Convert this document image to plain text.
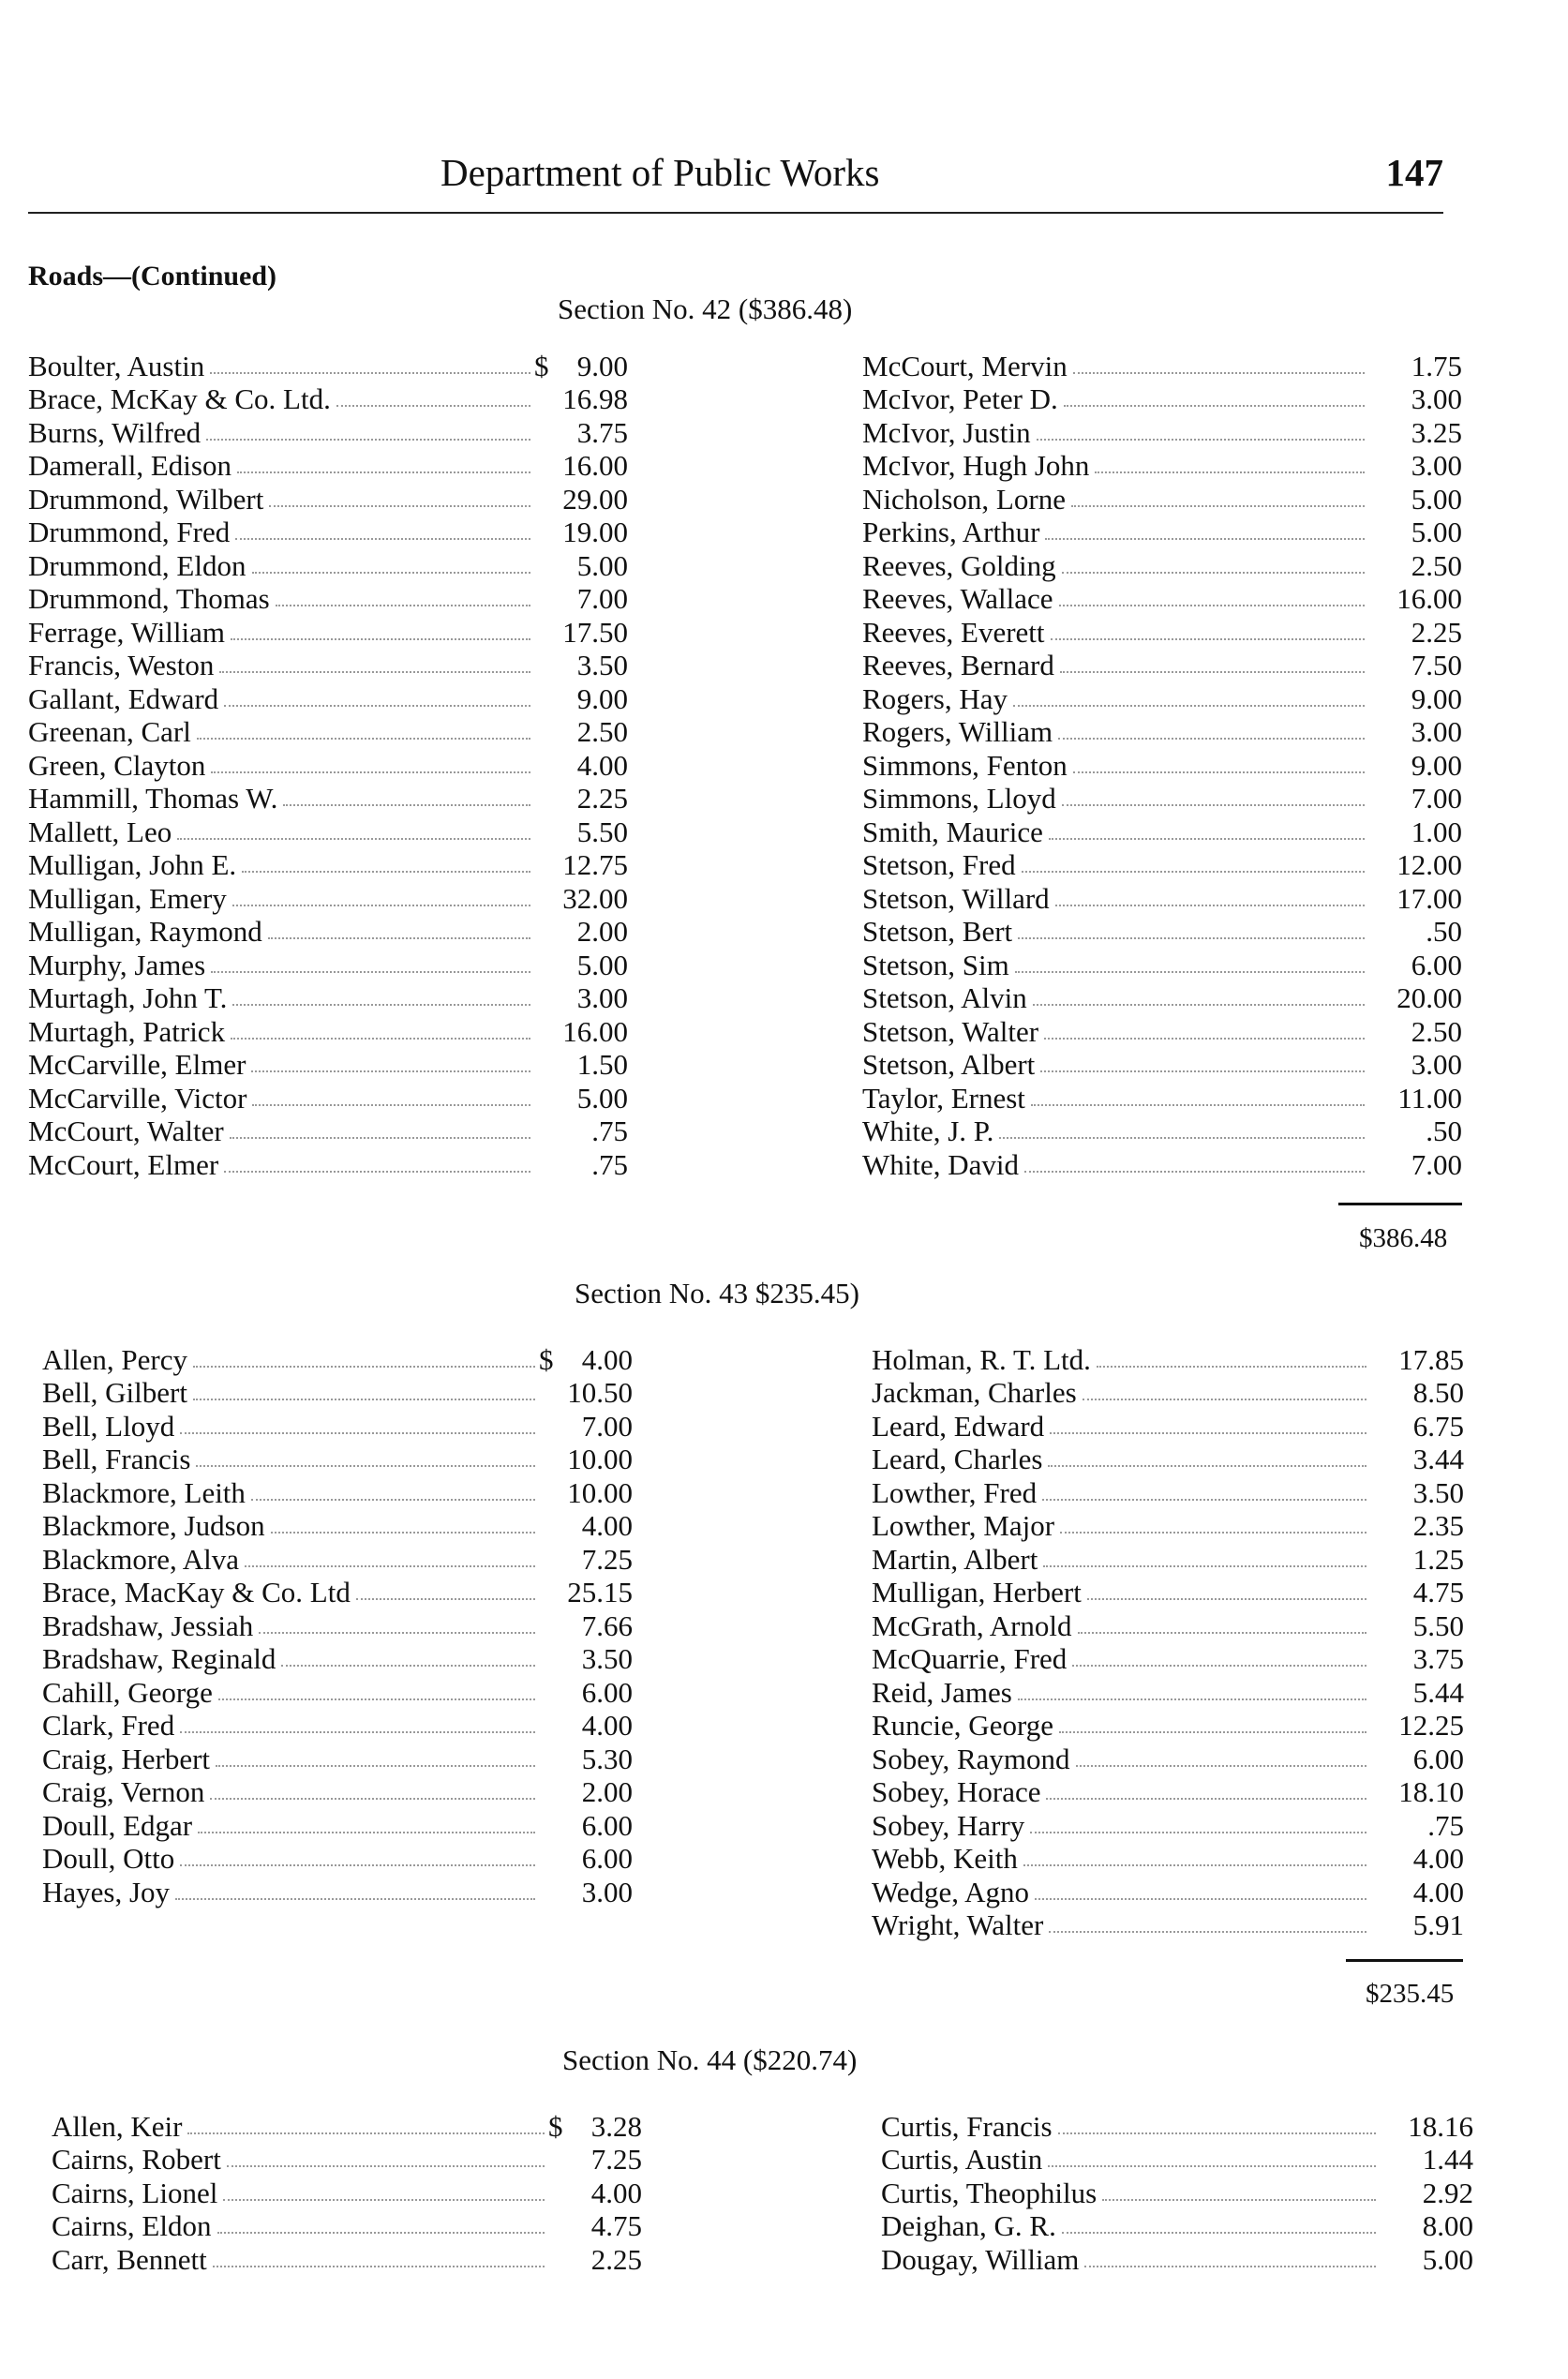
Department of Public Works	147
Roads—(Continued)
Section No. 42 ($386.48)
Boulter, Austin	$ 9.00
Brace, McKay & Co. Ltd.	16.98
Burns, Wilfred	3.75
Damerall, Edison	16.00
Drummond, Wilbert	29.00
Drummond, Fred	19.00
Drummond, Eldon	5.00
Drummond, Thomas	7.00
Ferrage, William	17.50
Francis, Weston	3.50
Gallant, Edward	9.00
Greenan, Carl	2.50
Green, Clayton	4.00
Hammill, Thomas W.	2.25
Mallett, Leo	5.50
Mulligan, John E.	12.75
Mulligan, Emery	32.00
Mulligan, Raymond	2.00
Murphy, James	5.00
Murtagh, John T.	3.00
Murtagh, Patrick	16.00
McCarville, Elmer	1.50
McCarville, Victor	5.00
McCourt, Walter	.75
McCourt, Elmer	.75
McCourt, Mervin	1.75
McIvor, Peter D.	3.00
McIvor, Justin	3.25
McIvor, Hugh John	3.00
Nicholson, Lorne	5.00
Perkins, Arthur	5.00
Reeves, Golding	2.50
Reeves, Wallace	16.00
Reeves, Everett	2.25
Reeves, Bernard	7.50
Rogers, Hay	9.00
Rogers, William	3.00
Simmons, Fenton	9.00
Simmons, Lloyd	7.00
Smith, Maurice	1.00
Stetson, Fred	12.00
Stetson, Willard	17.00
Stetson, Bert	.50
Stetson, Sim	6.00
Stetson, Alvin	20.00
Stetson, Walter	2.50
Stetson, Albert	3.00
Taylor, Ernest	11.00
White, J. P.	.50
White, David	7.00
$386.48
Section No. 43 $235.45)
Allen, Percy	$ 4.00
Bell, Gilbert	10.50
Bell, Lloyd	7.00
Bell, Francis	10.00
Blackmore, Leith	10.00
Blackmore, Judson	4.00
Blackmore, Alva	7.25
Brace, MacKay & Co. Ltd	25.15
Bradshaw, Jessiah	7.66
Bradshaw, Reginald	3.50
Cahill, George	6.00
Clark, Fred	4.00
Craig, Herbert	5.30
Craig, Vernon	2.00
Doull, Edgar	6.00
Doull, Otto	6.00
Hayes, Joy	3.00
Holman, R. T. Ltd.	17.85
Jackman, Charles	8.50
Leard, Edward	6.75
Leard, Charles	3.44
Lowther, Fred	3.50
Lowther, Major	2.35
Martin, Albert	1.25
Mulligan, Herbert	4.75
McGrath, Arnold	5.50
McQuarrie, Fred	3.75
Reid, James	5.44
Runcie, George	12.25
Sobey, Raymond	6.00
Sobey, Horace	18.10
Sobey, Harry	.75
Webb, Keith	4.00
Wedge, Agno	4.00
Wright, Walter	5.91
$235.45
Section No. 44 ($220.74)
Allen, Keir	$ 3.28
Cairns, Robert	7.25
Cairns, Lionel	4.00
Cairns, Eldon	4.75
Carr, Bennett	2.25
Curtis, Francis	18.16
Curtis, Austin	1.44
Curtis, Theophilus	2.92
Deighan, G. R.	8.00
Dougay, William	5.00
